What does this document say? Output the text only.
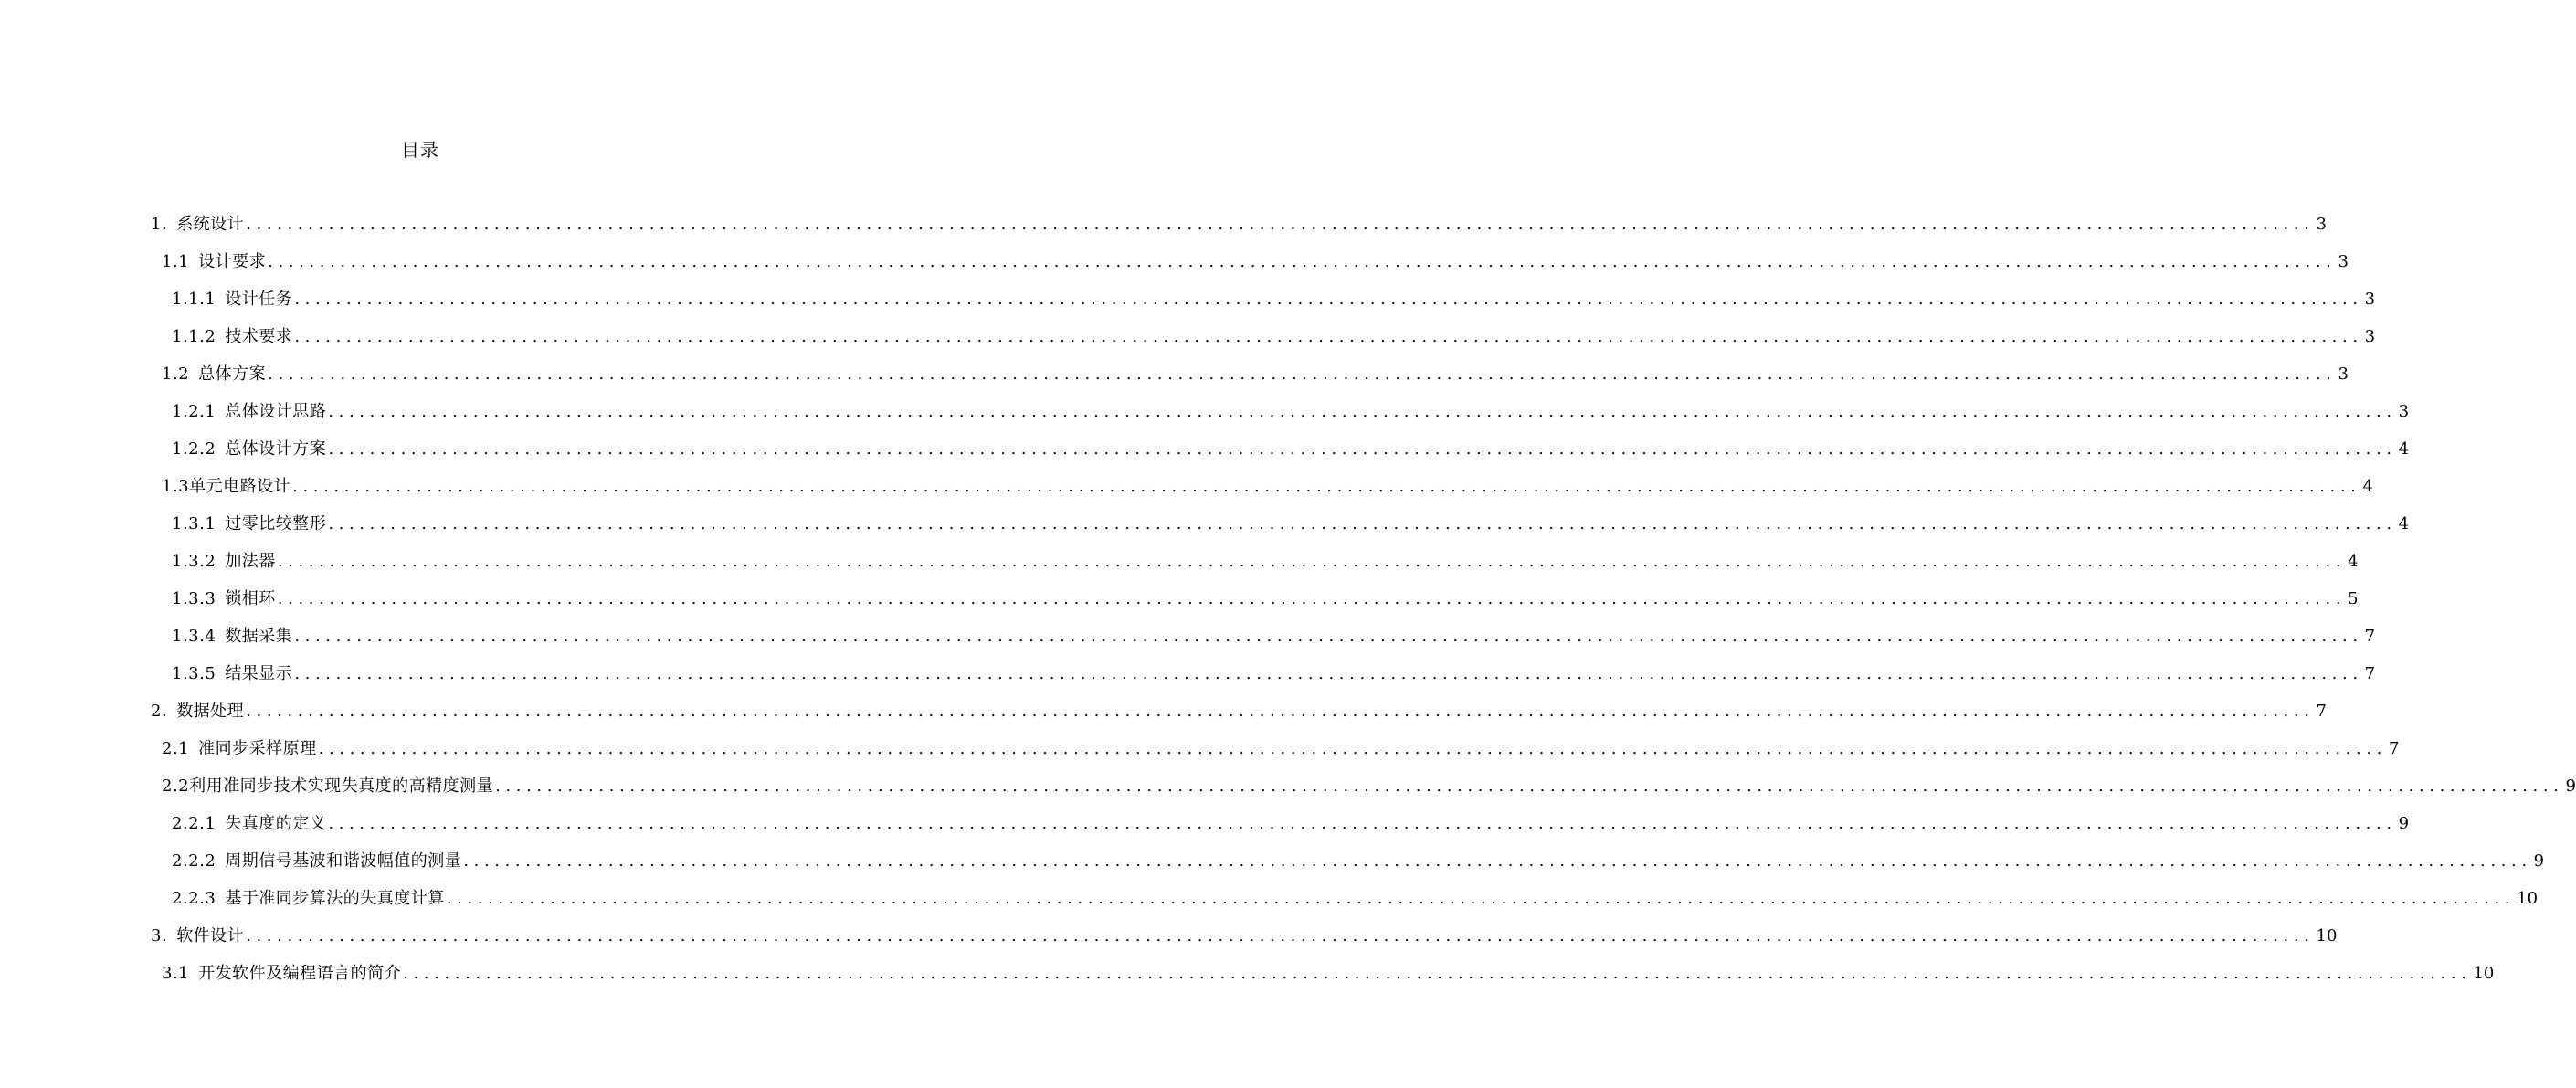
目录
1. 系统设计 ........................................................................................................................................................................................................ 3
1.1 设计要求 ........................................................................................................................................................................................................ 3
1.1.1 设计任务 ........................................................................................................................................................................................................ 3
1.1.2 技术要求 ........................................................................................................................................................................................................ 3
1.2 总体方案 ........................................................................................................................................................................................................ 3
1.2.1 总体设计思路 ........................................................................................................................................................................................................ 3
1.2.2 总体设计方案 ........................................................................................................................................................................................................ 4
1.3 单元电路设计 ........................................................................................................................................................................................................ 4
1.3.1 过零比较整形 ........................................................................................................................................................................................................ 4
1.3.2 加法器 ........................................................................................................................................................................................................ 4
1.3.3 锁相环 ........................................................................................................................................................................................................ 5
1.3.4 数据采集 ........................................................................................................................................................................................................ 7
1.3.5 结果显示 ........................................................................................................................................................................................................ 7
2. 数据处理 ........................................................................................................................................................................................................ 7
2.1 准同步采样原理 ........................................................................................................................................................................................................ 7
2.2 利用准同步技术实现失真度的高精度测量 ........................................................................................................................................................................................................ 9
2.2.1 失真度的定义 ........................................................................................................................................................................................................ 9
2.2.2 周期信号基波和谐波幅值的测量 ........................................................................................................................................................................................................ 9
2.2.3 基于准同步算法的失真度计算 ........................................................................................................................................................................................................ 10
3. 软件设计 ........................................................................................................................................................................................................ 10
3.1 开发软件及编程语言的简介 ........................................................................................................................................................................................................ 10
